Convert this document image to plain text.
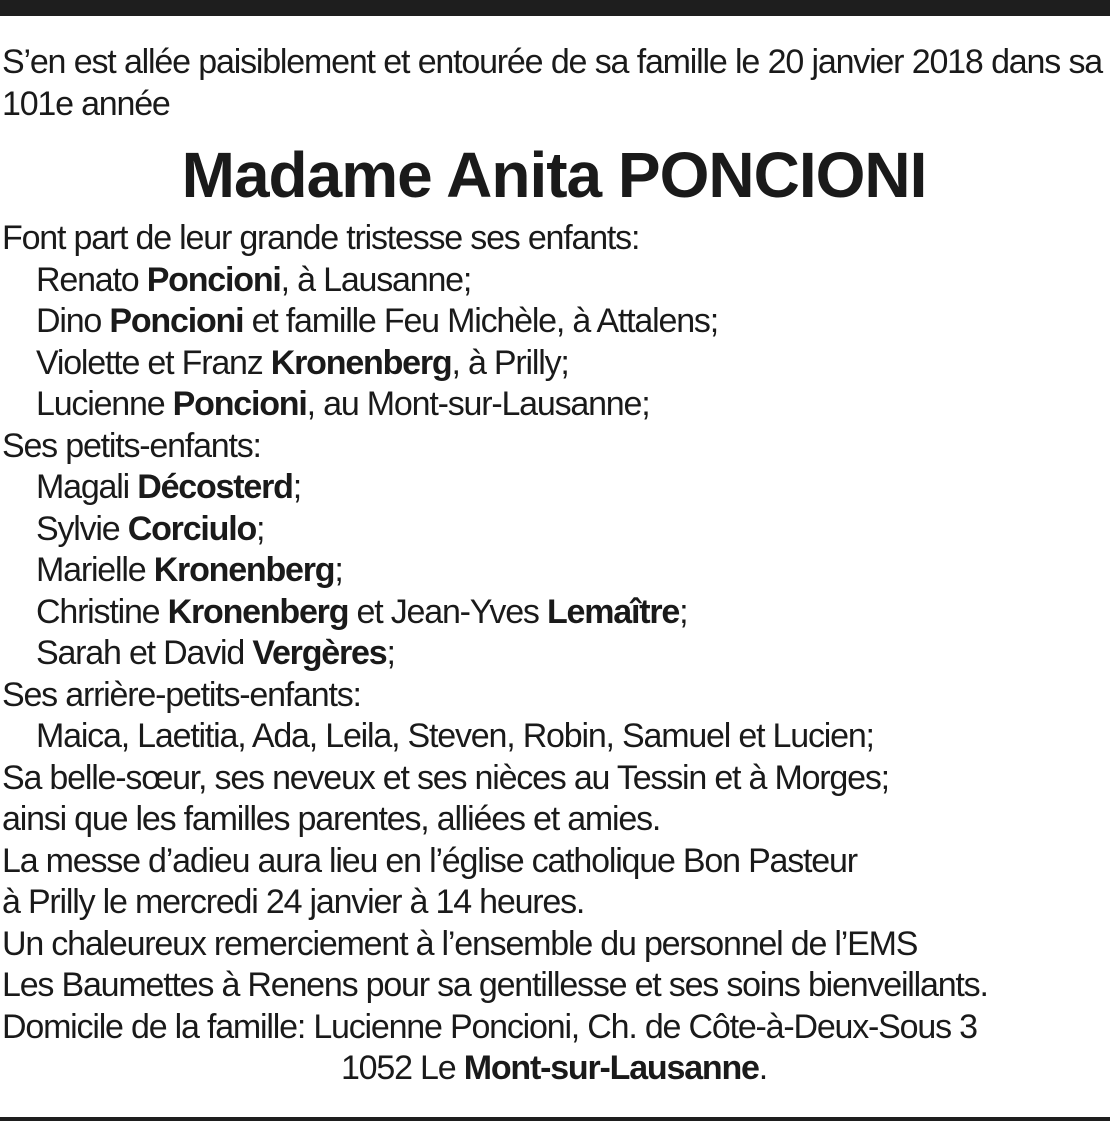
S’en est allée paisiblement et entourée de sa famille le 20 janvier 2018 dans sa 101e année
Madame Anita PONCIONI
Font part de leur grande tristesse ses enfants:
Renato Poncioni, à Lausanne;
Dino Poncioni et famille Feu Michèle, à Attalens;
Violette et Franz Kronenberg, à Prilly;
Lucienne Poncioni, au Mont-sur-Lausanne;
Ses petits-enfants:
Magali Décosterd;
Sylvie Corciulo;
Marielle Kronenberg;
Christine Kronenberg et Jean-Yves Lemaître;
Sarah et David Vergères;
Ses arrière-petits-enfants:
Maica, Laetitia, Ada, Leila, Steven, Robin, Samuel et Lucien;
Sa belle-sœur, ses neveux et ses nièces au Tessin et à Morges;
ainsi que les familles parentes, alliées et amies.
La messe d’adieu aura lieu en l’église catholique Bon Pasteur
à Prilly le mercredi 24 janvier à 14 heures.
Un chaleureux remerciement à l’ensemble du personnel de l’EMS
Les Baumettes à Renens pour sa gentillesse et ses soins bienveillants.
Domicile de la famille: Lucienne Poncioni, Ch. de Côte-à-Deux-Sous 3
1052 Le Mont-sur-Lausanne.
